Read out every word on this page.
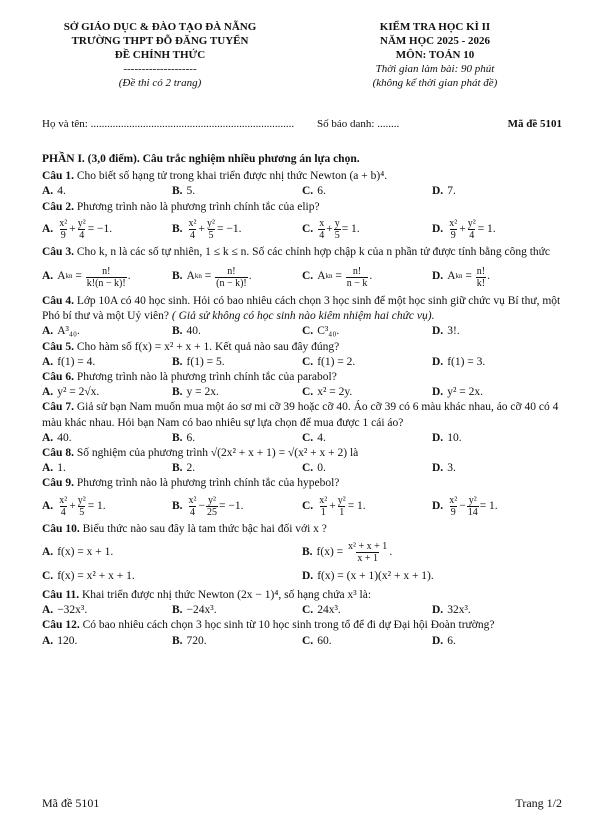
SỞ GIÁO DỤC & ĐÀO TẠO ĐÀ NẴNG
TRƯỜNG THPT ĐỖ ĐĂNG TUYỂN
ĐỀ CHÍNH THỨC
--------------------
(Đề thi có 2 trang)
KIỂM TRA HỌC KÌ II
NĂM HỌC 2025 - 2026
MÔN: TOÁN 10
Thời gian làm bài: 90 phút
(không kể thời gian phát đề)
Họ và tên: .......................................................................... Số báo danh: ........	Mã đề 5101
PHẦN I. (3,0 điểm). Câu trắc nghiệm nhiều phương án lựa chọn.
Câu 1. Cho biết số hạng tử trong khai triển được nhị thức Newton (a + b)⁴.
A. 4.	B. 5.	C. 6.	D. 7.
Câu 2. Phương trình nào là phương trình chính tắc của elip?
A. $\frac{\text{x²}}{9} + \frac{\text{y²}}{4} = -1$.	B. $\frac{\text{x²}}{4} + \frac{\text{y²}}{5} = -1$.	C. $\frac{x}{4} + \frac{y}{5} = 1$.	D. $\frac{\text{x²}}{9} + \frac{\text{y²}}{4} = 1$.
Câu 3. Cho k, n là các số tự nhiên, 1 ≤ k ≤ n. Số các chỉnh hợp chập k của n phần tử được tính bằng công thức
A. A k $n = \frac{n!}{k!(n - k)!}$ .	B. A k $n = \frac{n!}{(n - k)!}$ .	C. A k $n = \frac{n!}{n - k}$ .	D. A k $n = \frac{n!}{k!}$ .
Câu 4. Lớp 10A có 40 học sinh. Hỏi có bao nhiêu cách chọn 3 học sinh để một học sinh giữ chức vụ Bí thư, một Phó bí thư và một Uỷ viên? ( Giả sử không có học sinh nào kiêm nhiệm hai chức vụ).
A. A³₄₀.	B. 40.	C. C³₄₀.	D. 3!.
Câu 5. Cho hàm số f(x) = x² + x + 1. Kết quả nào sau đây đúng?
A. f(1) = 4.	B. f(1) = 5.	C. f(1) = 2.	D. f(1) = 3.
Câu 6. Phương trình nào là phương trình chính tắc của parabol?
A. y² = 2√x.	B. y = 2x.	C. x² = 2y.	D. y² = 2x.
Câu 7. Giả sử bạn Nam muốn mua một áo sơ mi cỡ 39 hoặc cỡ 40. Áo cỡ 39 có 6 màu khác nhau, áo cỡ 40 có 4 màu khác nhau. Hỏi bạn Nam có bao nhiêu sự lựa chọn để mua được 1 cái áo?
A. 40.	B. 6.	C. 4.	D. 10.
Câu 8. Số nghiệm của phương trình √(2x² + x + 1) = √(x² + x + 2) là
A. 1.	B. 2.	C. 0.	D. 3.
Câu 9. Phương trình nào là phương trình chính tắc của hypebol?
A. $\frac{\text{x²}}{4} + \frac{\text{y²}}{5} = 1$.	B. $\frac{\text{x²}}{4} - \frac{\text{y²}}{25} = -1$.	C. $\frac{\text{x²}}{1} + \frac{\text{y²}}{1} = 1$.	D. $\frac{\text{x²}}{9} - \frac{\text{y²}}{14} = 1$.
Câu 10. Biểu thức nào sau đây là tam thức bậc hai đối với x ?
A. f(x) = x + 1.	B. $f(x) = \frac{\text{x² + x + 1}}{x + 1}$ .
C. f(x) = x² + x + 1.	D. f(x) = (x + 1)(x² + x + 1).
Câu 11. Khai triển được nhị thức Newton (2x − 1)⁴, số hạng chứa x³ là:
A. −32x³.	B. −24x³.	C. 24x³.	D. 32x³.
Câu 12. Có bao nhiêu cách chọn 3 học sinh từ 10 học sinh trong tổ để đi dự Đại hội Đoàn trường?
A. 120.	B. 720.	C. 60.	D. 6.
Mã đề 5101	Trang 1/2
